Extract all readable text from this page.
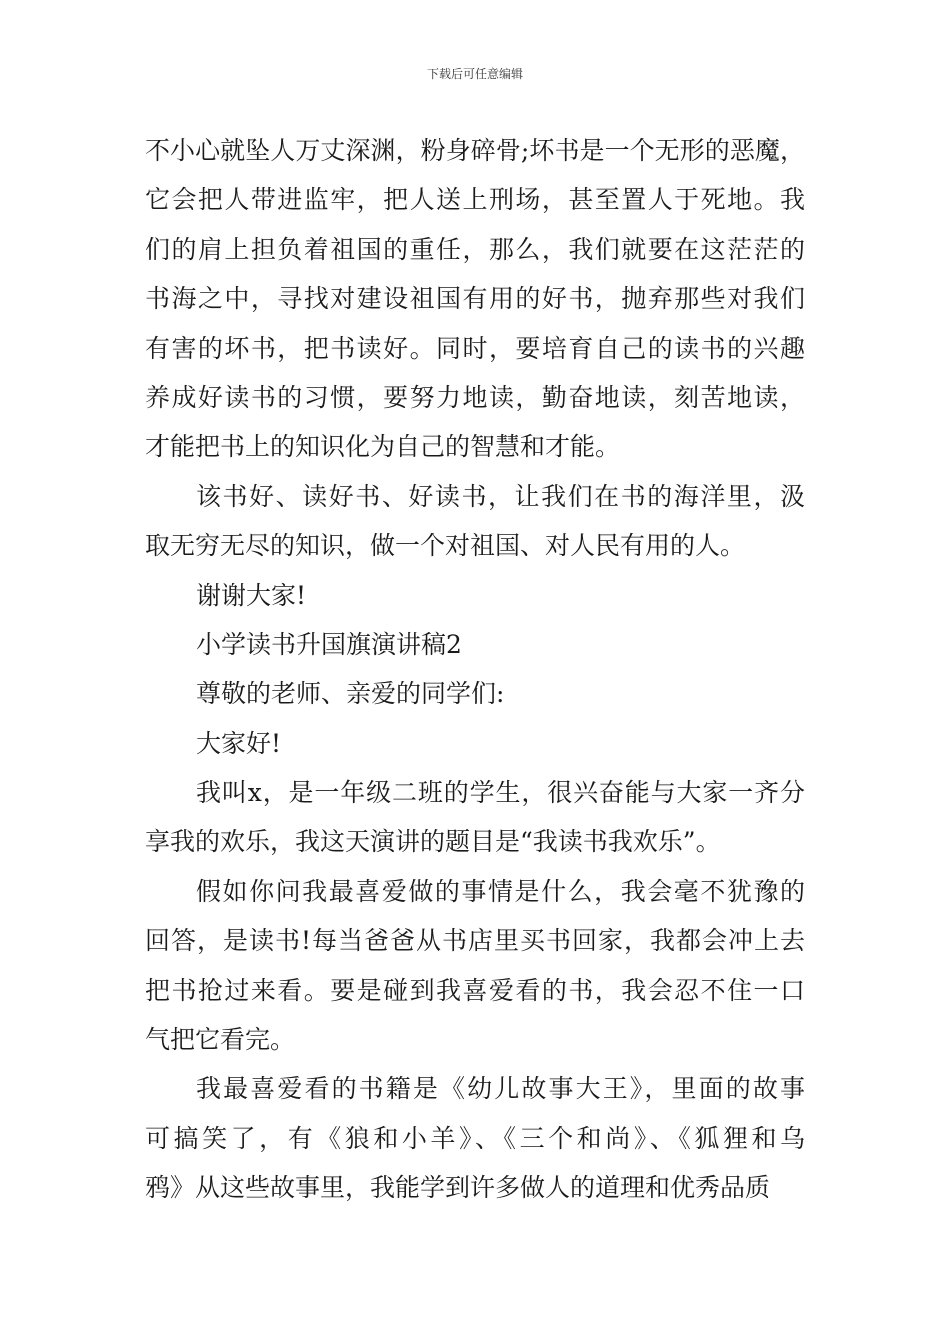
下载后可任意编辑
不小心就坠人万丈深渊，粉身碎骨;坏书是一个无形的恶魔，
它会把人带进监牢，把人送上刑场，甚至置人于死地。我
们的肩上担负着祖国的重任，那么，我们就要在这茫茫的
书海之中，寻找对建设祖国有用的好书，抛弃那些对我们
有害的坏书，把书读好。同时，要培育自己的读书的兴趣
养成好读书的习惯，要努力地读，勤奋地读，刻苦地读，
才能把书上的知识化为自己的智慧和才能。
该书好、读好书、好读书，让我们在书的海洋里，汲
取无穷无尽的知识，做一个对祖国、对人民有用的人。
谢谢大家!
小学读书升国旗演讲稿2
尊敬的老师、亲爱的同学们:
大家好!
我叫x，是一年级二班的学生，很兴奋能与大家一齐分
享我的欢乐，我这天演讲的题目是“我读书我欢乐”。
假如你问我最喜爱做的事情是什么，我会毫不犹豫的
回答，是读书!每当爸爸从书店里买书回家，我都会冲上去
把书抢过来看。要是碰到我喜爱看的书，我会忍不住一口
气把它看完。
我最喜爱看的书籍是《幼儿故事大王》，里面的故事
可搞笑了，有《狼和小羊》、《三个和尚》、《狐狸和乌
鸦》从这些故事里，我能学到许多做人的道理和优秀品质
